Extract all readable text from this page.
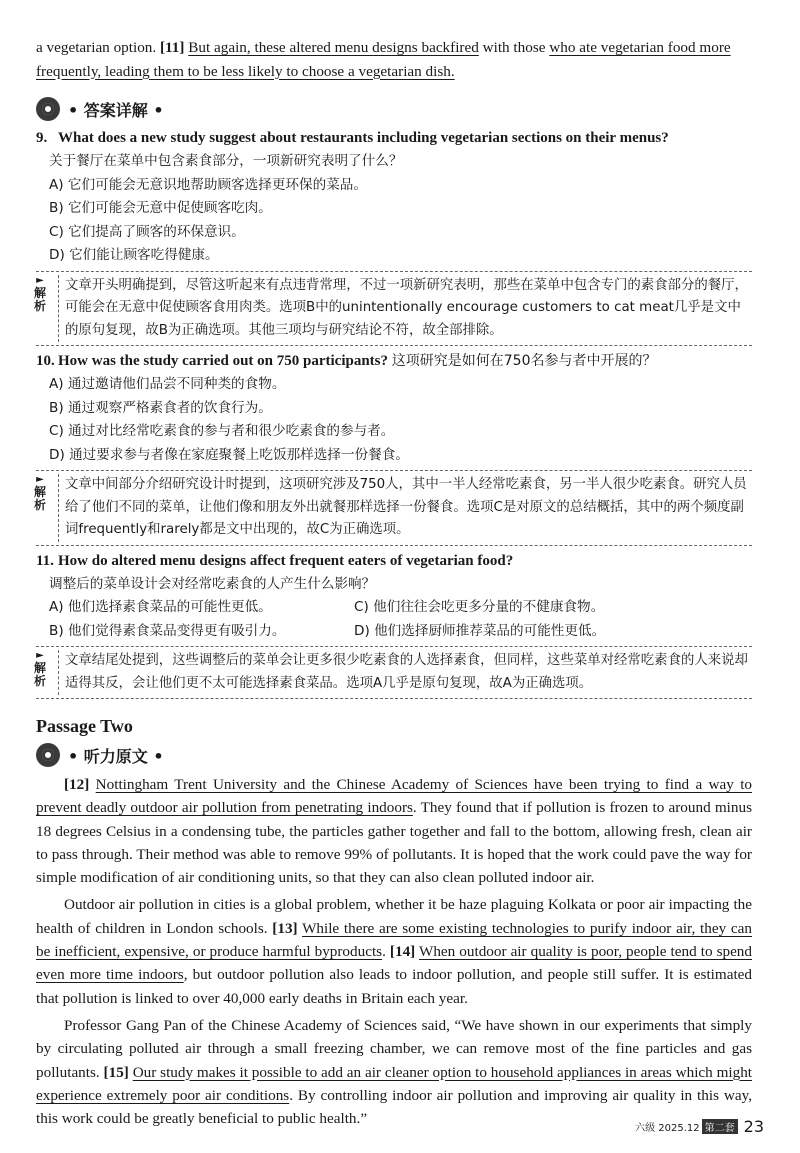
a vegetarian option. [11] But again, these altered menu designs backfired with those who ate vegetarian food more frequently, leading them to be less likely to choose a vegetarian dish.

• 答案详解 •
9. What does a new study suggest about restaurants including vegetarian sections on their menus?
关于餐厅在菜单中包含素食部分，一项新研究表明了什么？
A) 它们可能会无意识地帮助顾客选择更环保的菜品。
B) 它们可能会无意中促使顾客吃肉。
C) 它们提高了顾客的环保意识。
D) 它们能让顾客吃得健康。
►
解析
文章开头明确提到，尽管这听起来有点违背常理，不过一项新研究表明，那些在菜单中包含专门的素食部分的餐厅，可能会在无意中促使顾客食用肉类。选项B中的unintentionally encourage customers to cat meat几乎是文中的原句复现，故B为正确选项。其他三项均与研究结论不符，故全部排除。
10. How was the study carried out on 750 participants? 这项研究是如何在750名参与者中开展的？
A) 通过邀请他们品尝不同种类的食物。
B) 通过观察严格素食者的饮食行为。
C) 通过对比经常吃素食的参与者和很少吃素食的参与者。
D) 通过要求参与者像在家庭聚餐上吃饭那样选择一份餐食。
►
解析
文章中间部分介绍研究设计时提到，这项研究涉及750人，其中一半人经常吃素食，另一半人很少吃素食。研究人员给了他们不同的菜单，让他们像和朋友外出就餐那样选择一份餐食。选项C是对原文的总结概括，其中的两个频度副词frequently和rarely都是文中出现的，故C为正确选项。
11. How do altered menu designs affect frequent eaters of vegetarian food?
调整后的菜单设计会对经常吃素食的人产生什么影响？
A) 他们选择素食菜品的可能性更低。	C) 他们往往会吃更多分量的不健康食物。
B) 他们觉得素食菜品变得更有吸引力。	D) 他们选择厨师推荐菜品的可能性更低。
►
解析
文章结尾处提到，这些调整后的菜单会让更多很少吃素食的人选择素食，但同样，这些菜单对经常吃素食的人来说却适得其反，会让他们更不太可能选择素食菜品。选项A几乎是原句复现，故A为正确选项。
Passage Two
• 听力原文 •

[12] Nottingham Trent University and the Chinese Academy of Sciences have been trying to find a way to prevent deadly outdoor air pollution from penetrating indoors. They found that if pollution is frozen to around minus 18 degrees Celsius in a condensing tube, the particles gather together and fall to the bottom, allowing fresh, clean air to pass through. Their method was able to remove 99% of pollutants. It is hoped that the work could pave the way for simple modification of air conditioning units, so that they can also clean polluted indoor air.

Outdoor air pollution in cities is a global problem, whether it be haze plaguing Kolkata or poor air impacting the health of children in London schools. [13] While there are some existing technologies to purify indoor air, they can be inefficient, expensive, or produce harmful byproducts. [14] When outdoor air quality is poor, people tend to spend even more time indoors, but outdoor pollution also leads to indoor pollution, and people still suffer. It is estimated that pollution is linked to over 40,000 early deaths in Britain each year.

Professor Gang Pan of the Chinese Academy of Sciences said, “We have shown in our experiments that simply by circulating polluted air through a small freezing chamber, we can remove most of the fine particles and gas pollutants. [15] Our study makes it possible to add an air cleaner option to household appliances in areas which might experience extremely poor air conditions. By controlling indoor air pollution and improving air quality in this way, this work could be greatly beneficial to public health.”

六级 2025.12 第二套 23
